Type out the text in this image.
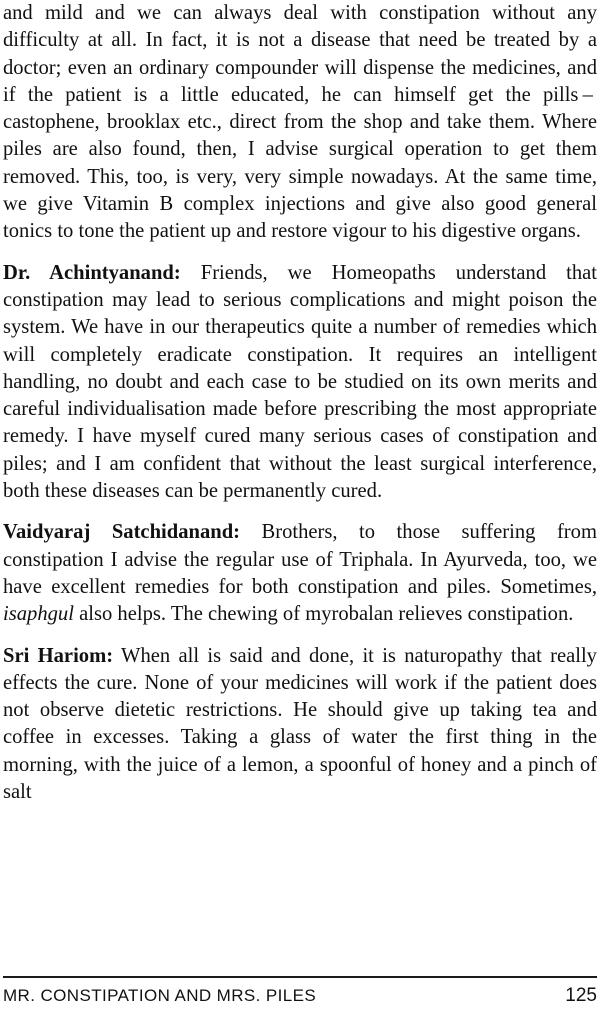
and mild and we can always deal with constipation without any difficulty at all. In fact, it is not a disease that need be treated by a doctor; even an ordinary compounder will dispense the medicines, and if the patient is a little educated, he can himself get the pills – castophene, brooklax etc., direct from the shop and take them. Where piles are also found, then, I advise surgical operation to get them removed. This, too, is very, very simple nowadays. At the same time, we give Vitamin B complex injections and give also good general tonics to tone the patient up and restore vigour to his digestive organs.

Dr. Achintyanand: Friends, we Homeopaths understand that constipation may lead to serious complications and might poison the system. We have in our therapeutics quite a number of remedies which will completely eradicate constipation. It requires an intelligent handling, no doubt and each case to be studied on its own merits and careful individualisation made before prescribing the most appropriate remedy. I have myself cured many serious cases of constipation and piles; and I am confident that without the least surgical interference, both these diseases can be permanently cured.

Vaidyaraj Satchidanand: Brothers, to those suffering from constipation I advise the regular use of Triphala. In Ayurveda, too, we have excellent remedies for both constipation and piles. Sometimes, isaphgul also helps. The chewing of myrobalan relieves constipation.

Sri Hariom: When all is said and done, it is naturopathy that really effects the cure. None of your medicines will work if the patient does not observe dietetic restrictions. He should give up taking tea and coffee in excesses. Taking a glass of water the first thing in the morning, with the juice of a lemon, a spoonful of honey and a pinch of salt

MR. CONSTIPATION AND MRS. PILES	125
